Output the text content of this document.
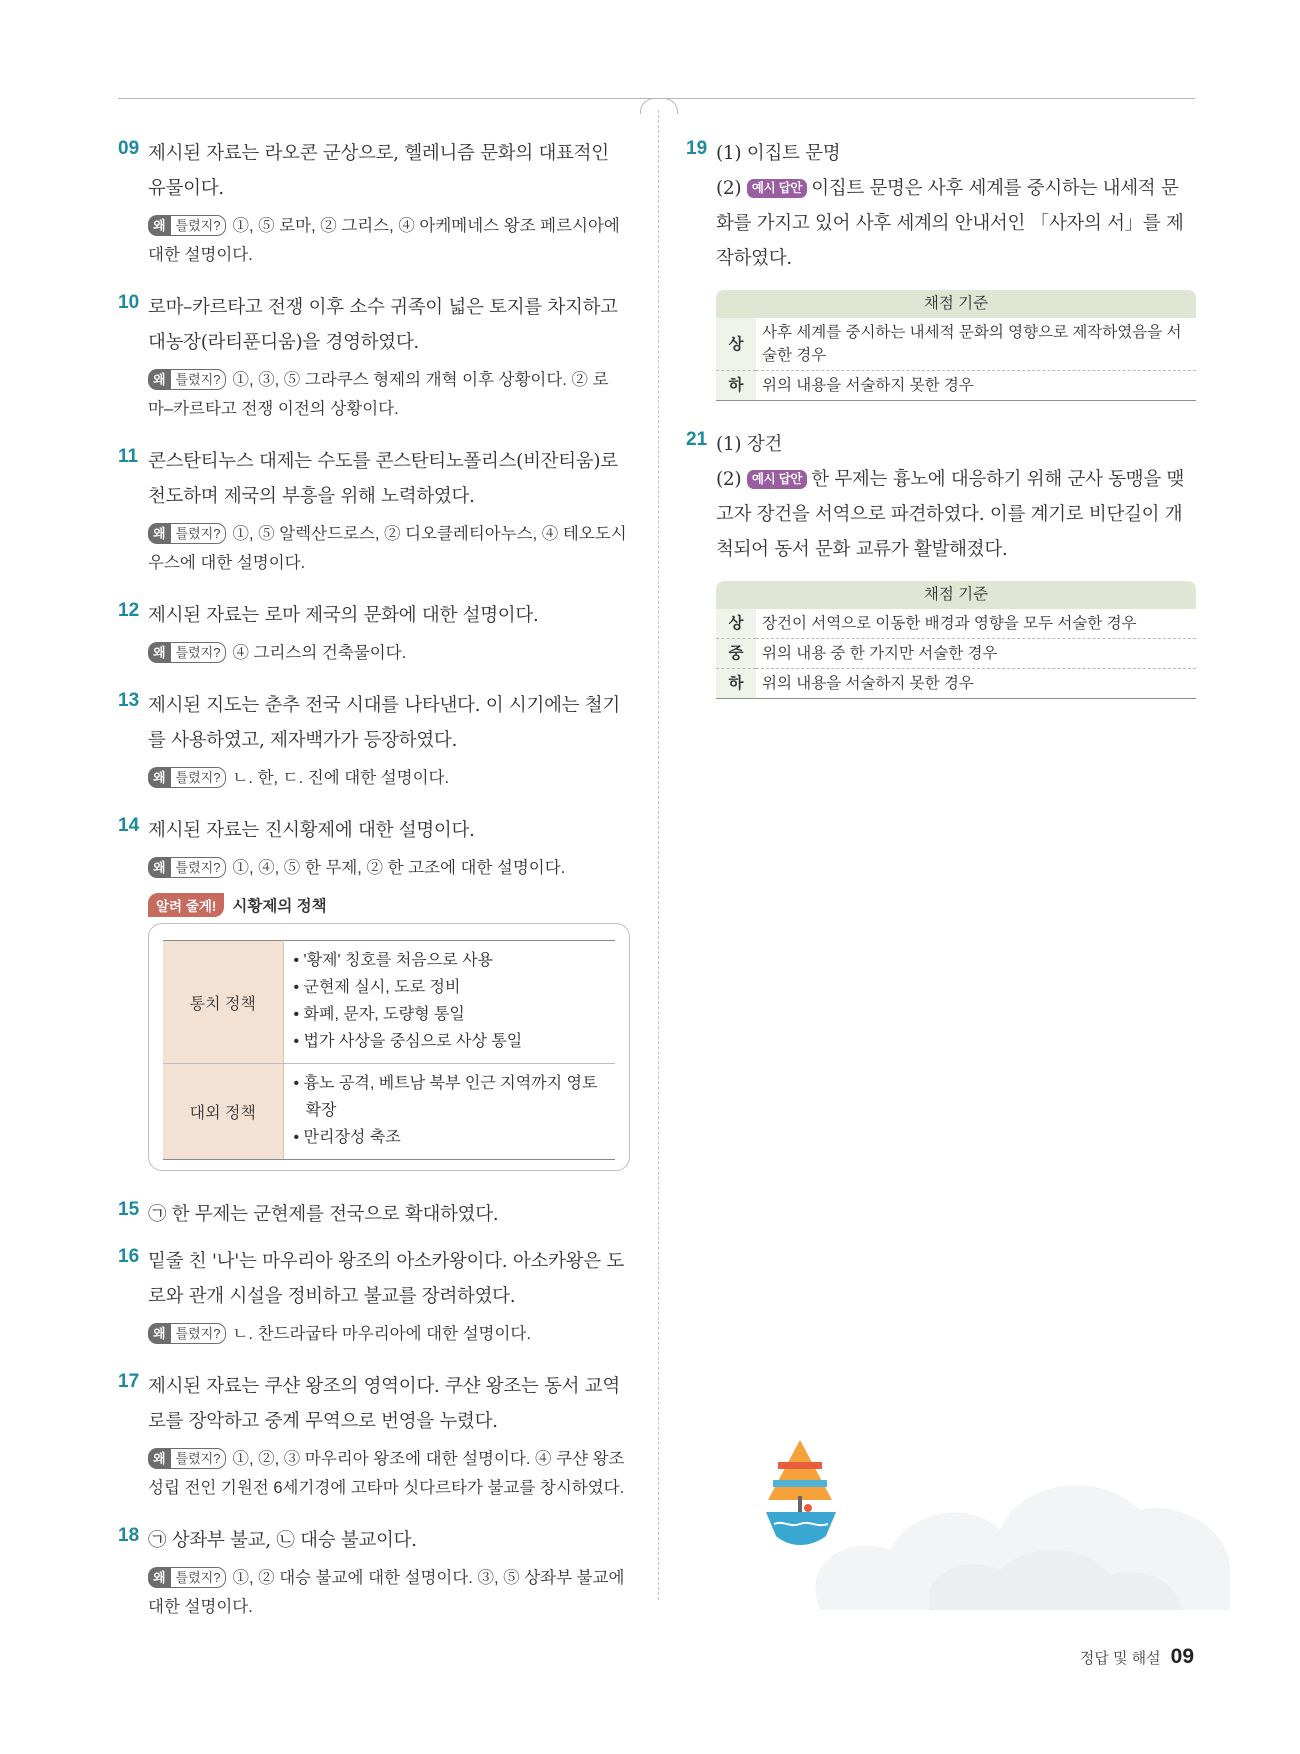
09 제시된 자료는 라오콘 군상으로, 헬레니즘 문화의 대표적인 유물이다.
왜 틀렸지? ①, ⑤ 로마, ② 그리스, ④ 아케메네스 왕조 페르시아에 대한 설명이다.
10 로마–카르타고 전쟁 이후 소수 귀족이 넓은 토지를 차지하고 대농장(라티푼디움)을 경영하였다.
왜 틀렸지? ①, ③, ⑤ 그라쿠스 형제의 개혁 이후 상황이다. ② 로마–카르타고 전쟁 이전의 상황이다.
11 콘스탄티누스 대제는 수도를 콘스탄티노폴리스(비잔티움)로 천도하며 제국의 부흥을 위해 노력하였다.
왜 틀렸지? ①, ⑤ 알렉산드로스, ② 디오클레티아누스, ④ 테오도시우스에 대한 설명이다.
12 제시된 자료는 로마 제국의 문화에 대한 설명이다.
왜 틀렸지? ④ 그리스의 건축물이다.
13 제시된 지도는 춘추 전국 시대를 나타낸다. 이 시기에는 철기를 사용하였고, 제자백가가 등장하였다.
왜 틀렸지? ㄴ. 한, ㄷ. 진에 대한 설명이다.
14 제시된 자료는 진시황제에 대한 설명이다.
왜 틀렸지? ①, ④, ⑤ 한 무제, ② 한 고조에 대한 설명이다.
알려 줄게!	시황제의 정책
통치 정책	• '황제' 칭호를 처음으로 사용
• 군현제 실시, 도로 정비
• 화폐, 문자, 도량형 통일
• 법가 사상을 중심으로 사상 통일

대외 정책	• 흉노 공격, 베트남 북부 인근 지역까지 영토 확장
• 만리장성 축조
15 ㉠ 한 무제는 군현제를 전국으로 확대하였다.
16 밑줄 친 '나'는 마우리아 왕조의 아소카왕이다. 아소카왕은 도로와 관개 시설을 정비하고 불교를 장려하였다.
왜 틀렸지? ㄴ. 찬드라굽타 마우리아에 대한 설명이다.
17 제시된 자료는 쿠샨 왕조의 영역이다. 쿠샨 왕조는 동서 교역로를 장악하고 중계 무역으로 번영을 누렸다.
왜 틀렸지? ①, ②, ③ 마우리아 왕조에 대한 설명이다. ④ 쿠샨 왕조 성립 전인 기원전 6세기경에 고타마 싯다르타가 불교를 창시하였다.
18 ㉠ 상좌부 불교, ㉡ 대승 불교이다.
왜 틀렸지? ①, ② 대승 불교에 대한 설명이다. ③, ⑤ 상좌부 불교에 대한 설명이다.
19 (1) 이집트 문명
(2) 예시 답안 이집트 문명은 사후 세계를 중시하는 내세적 문화를 가지고 있어 사후 세계의 안내서인 「사자의 서」를 제작하였다.
채점 기준
상	사후 세계를 중시하는 내세적 문화의 영향으로 제작하였음을 서술한 경우
하	위의 내용을 서술하지 못한 경우
21 (1) 장건
(2) 예시 답안 한 무제는 흉노에 대응하기 위해 군사 동맹을 맺고자 장건을 서역으로 파견하였다. 이를 계기로 비단길이 개척되어 동서 문화 교류가 활발해졌다.
채점 기준
상	장건이 서역으로 이동한 배경과 영향을 모두 서술한 경우
중	위의 내용 중 한 가지만 서술한 경우
하	위의 내용을 서술하지 못한 경우
정답 및 해설 09
